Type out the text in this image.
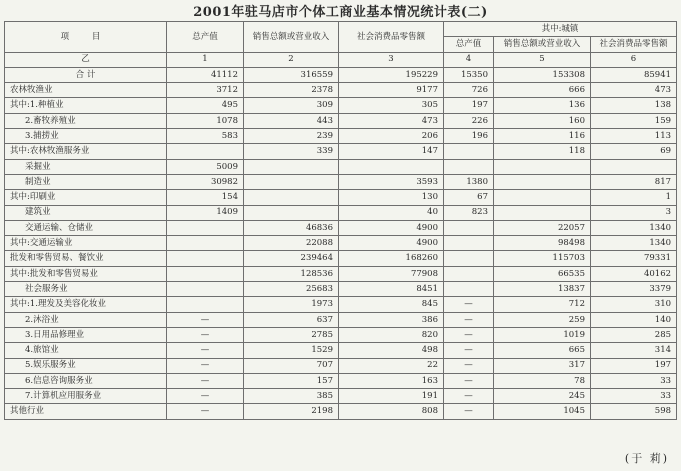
2001年驻马店市个体工商业基本情况统计表(二)
项 目	总产值	销售总额或营业收入	社会消费品零售额	其中:城镇		
				总产值	销售总额或营业收入	社会消费品零售额
乙	1	2	3	4	5	6
合 计	41112	316559	195229	15350	153308	85941
农林牧渔业	3712	2378	9177	726	666	473
其中:1.种植业	495	309	305	197	136	138
2.畜牧养殖业	1078	443	473	226	160	159
3.捕捞业	583	239	206	196	116	113
其中:农林牧渔服务业		339	147		118	69
采掘业	5009					
制造业	30982		3593	1380		817
其中:印刷业	154		130	67		1
建筑业	1409		40	823		3
交通运输、仓储业		46836	4900		22057	1340
其中:交通运输业		22088	4900		98498	1340
批发和零售贸易、餐饮业		239464	168260		115703	79331
其中:批发和零售贸易业		128536	77908		66535	40162
社会服务业		25683	8451		13837	3379
其中:1.理发及美容化妆业		1973	845	—	712	310
2.沐浴业	—	637	386	—	259	140
3.日用品修理业	—	2785	820	—	1019	285
4.旅馆业	—	1529	498	—	665	314
5.娱乐服务业	—	707	22	—	317	197
6.信息咨询服务业	—	157	163	—	78	33
7.计算机应用服务业	—	385	191	—	245	33
其他行业	—	2198	808	—	1045	598
(于 莉)
